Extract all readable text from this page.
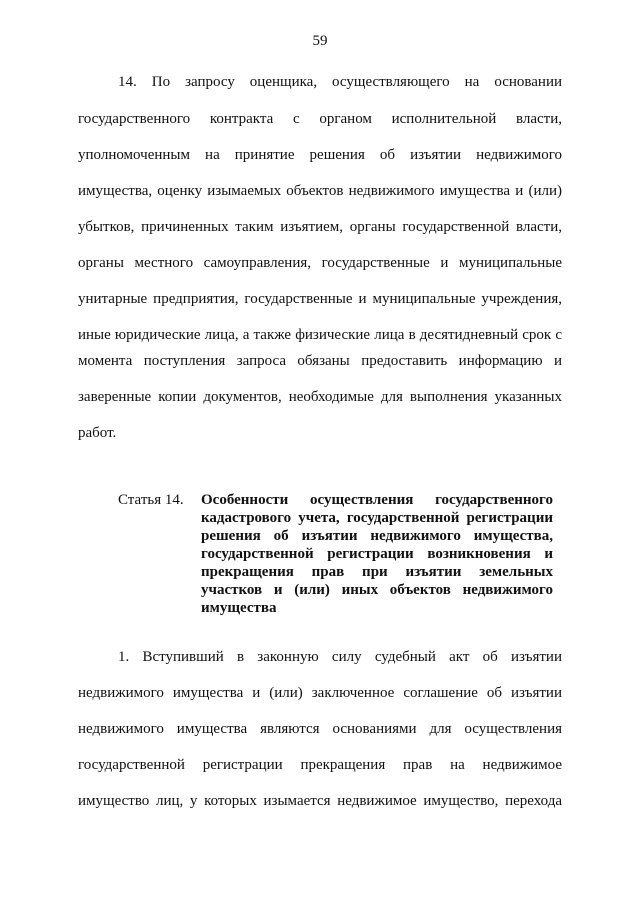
59
14. По запросу оценщика, осуществляющего на основании
государственного контракта с органом исполнительной власти,
уполномоченным на принятие решения об изъятии недвижимого
имущества, оценку изымаемых объектов недвижимого имущества и (или)
убытков, причиненных таким изъятием, органы государственной власти,
органы местного самоуправления, государственные и муниципальные
унитарные предприятия, государственные и муниципальные учреждения,
иные юридические лица, а также физические лица в десятидневный срок с
момента поступления запроса обязаны предоставить информацию и
заверенные копии документов, необходимые для выполнения указанных
работ.
Статья 14. Особенности осуществления государственного
кадастрового учета, государственной регистрации
решения об изъятии недвижимого имущества,
государственной регистрации возникновения и
прекращения прав при изъятии земельных
участков и (или) иных объектов недвижимого
имущества
1. Вступивший в законную силу судебный акт об изъятии
недвижимого имущества и (или) заключенное соглашение об изъятии
недвижимого имущества являются основаниями для осуществления
государственной регистрации прекращения прав на недвижимое
имущество лиц, у которых изымается недвижимое имущество, перехода
